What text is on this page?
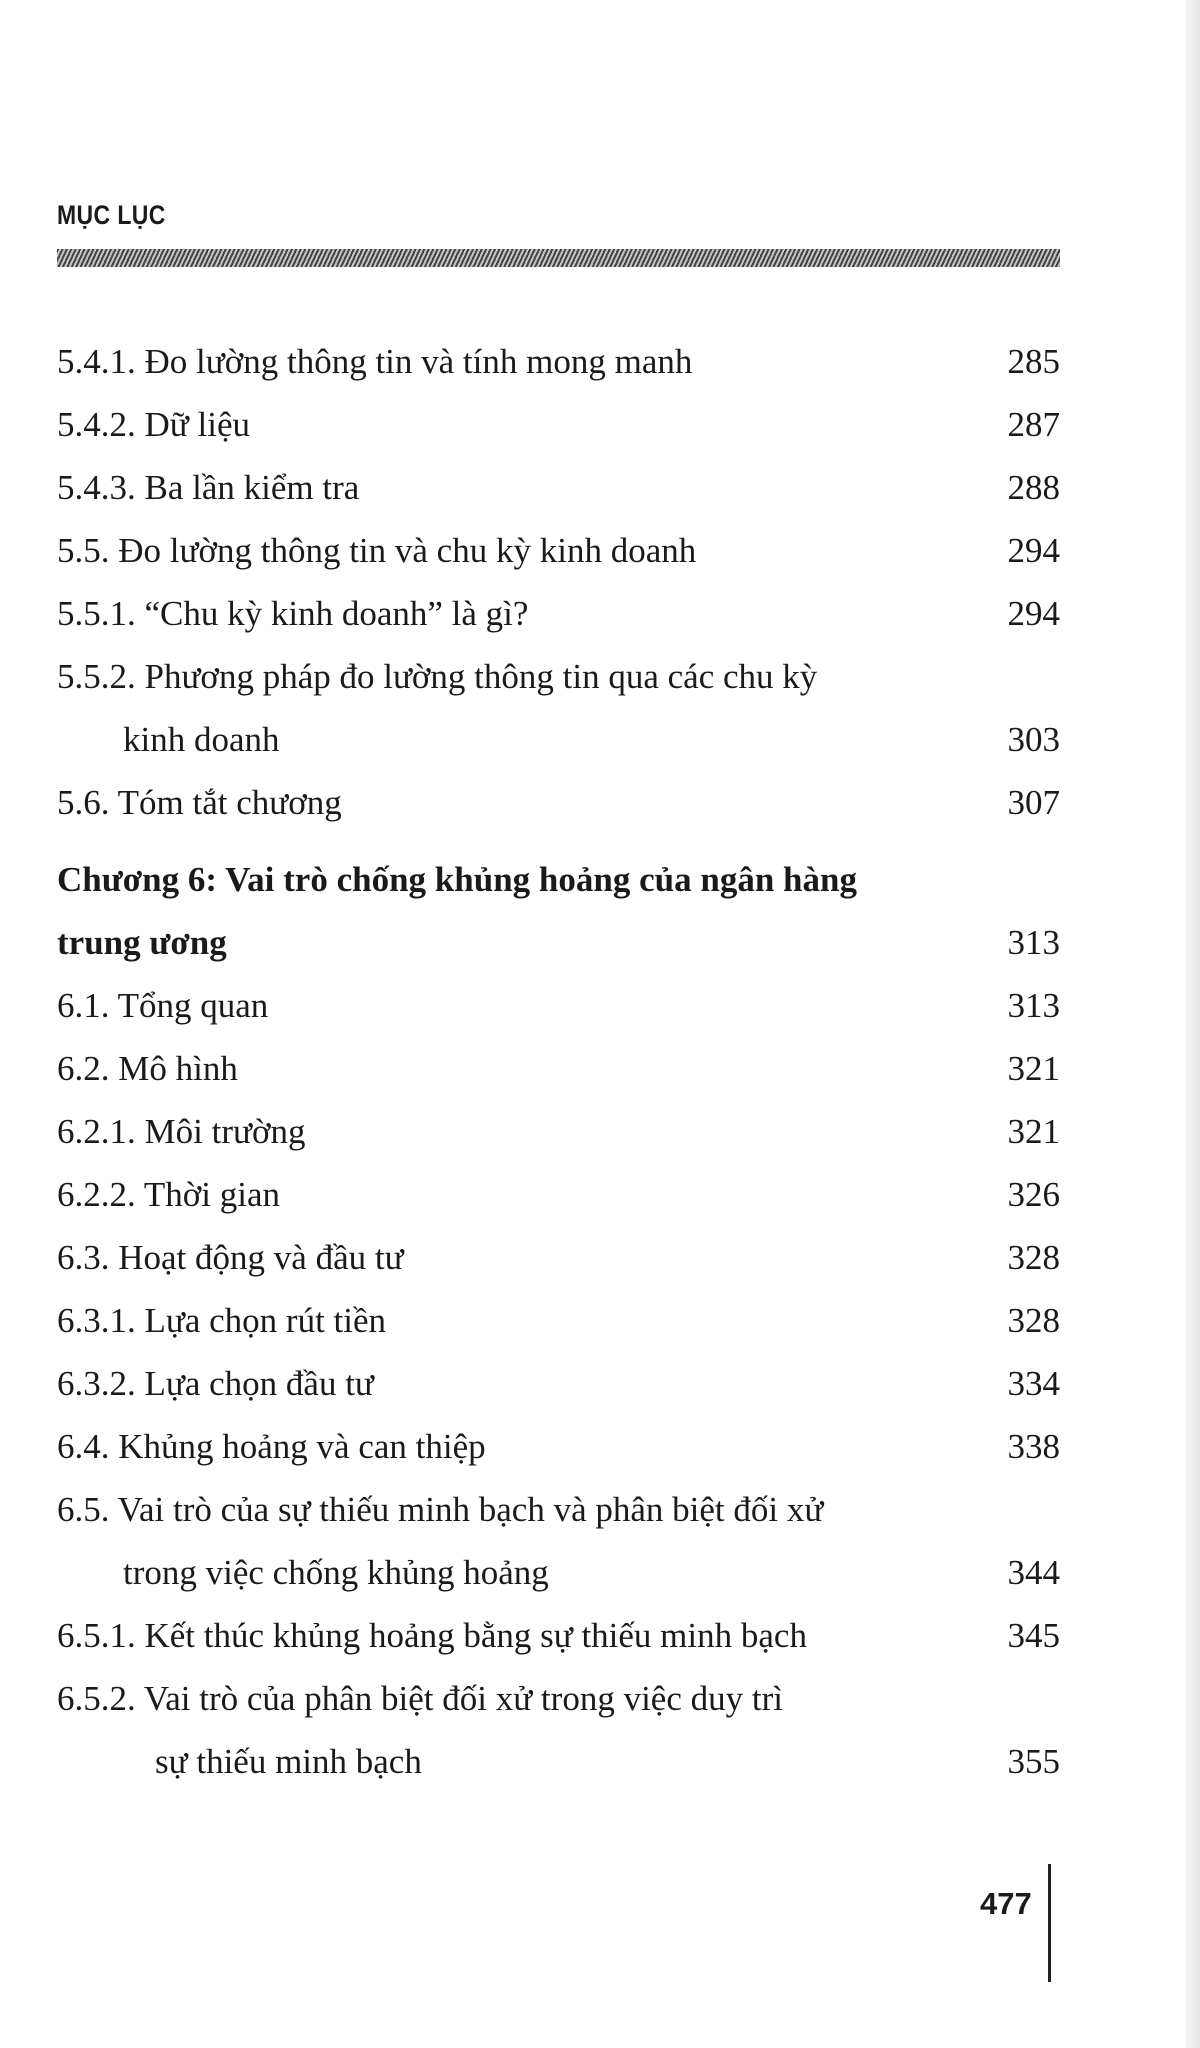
MỤC LỤC
5.4.1. Đo lường thông tin và tính mong manh	285
5.4.2. Dữ liệu	287
5.4.3. Ba lần kiểm tra	288
5.5. Đo lường thông tin và chu kỳ kinh doanh	294
5.5.1. “Chu kỳ kinh doanh” là gì?	294
5.5.2. Phương pháp đo lường thông tin qua các chu kỳ
kinh doanh	303
5.6. Tóm tắt chương	307
Chương 6: Vai trò chống khủng hoảng của ngân hàng
trung ương	313
6.1. Tổng quan	313
6.2. Mô hình	321
6.2.1. Môi trường	321
6.2.2. Thời gian	326
6.3. Hoạt động và đầu tư	328
6.3.1. Lựa chọn rút tiền	328
6.3.2. Lựa chọn đầu tư	334
6.4. Khủng hoảng và can thiệp	338
6.5. Vai trò của sự thiếu minh bạch và phân biệt đối xử
trong việc chống khủng hoảng	344
6.5.1. Kết thúc khủng hoảng bằng sự thiếu minh bạch	345
6.5.2. Vai trò của phân biệt đối xử trong việc duy trì
sự thiếu minh bạch	355
477
